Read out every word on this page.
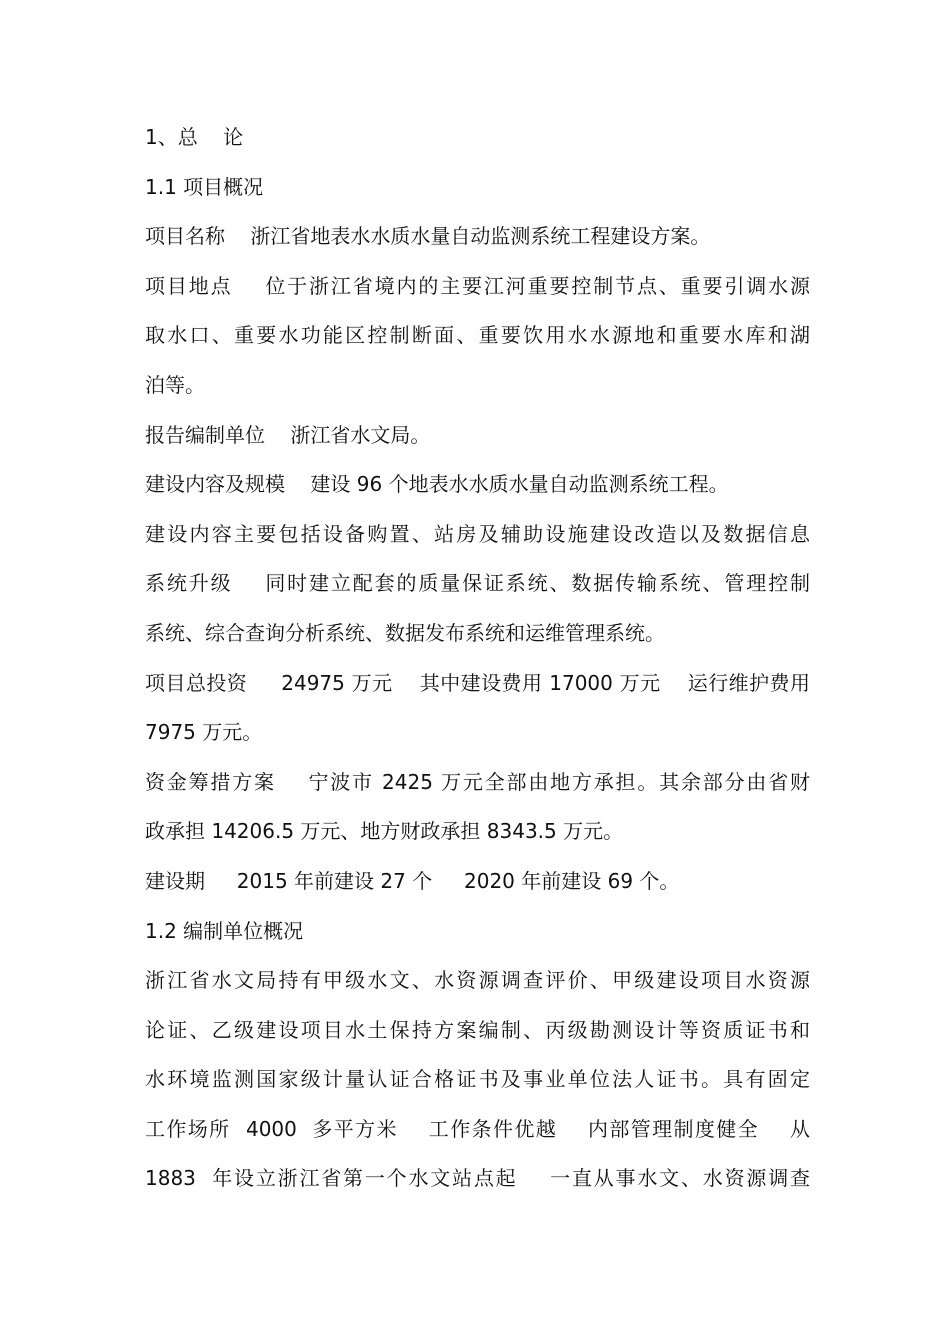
1、总    论
1.1 项目概况
项目名称    浙江省地表水水质水量自动监测系统工程建设方案。
项目地点    位于浙江省境内的主要江河重要控制节点、重要引调水源
取水口、重要水功能区控制断面、重要饮用水水源地和重要水库和湖
泊等。
报告编制单位    浙江省水文局。
建设内容及规模    建设 96 个地表水水质水量自动监测系统工程。
建设内容主要包括设备购置、站房及辅助设施建设改造以及数据信息
系统升级    同时建立配套的质量保证系统、数据传输系统、管理控制
系统、综合查询分析系统、数据发布系统和运维管理系统。
项目总投资     24975 万元    其中建设费用 17000 万元    运行维护费用
7975 万元。
资金筹措方案    宁波市 2425 万元全部由地方承担。其余部分由省财
政承担 14206.5 万元、地方财政承担 8343.5 万元。
建设期     2015 年前建设 27 个     2020 年前建设 69 个。
1.2 编制单位概况
浙江省水文局持有甲级水文、水资源调查评价、甲级建设项目水资源
论证、乙级建设项目水土保持方案编制、丙级勘测设计等资质证书和
水环境监测国家级计量认证合格证书及事业单位法人证书。具有固定
工作场所  4000  多平方米    工作条件优越    内部管理制度健全    从
1883  年设立浙江省第一个水文站点起    一直从事水文、水资源调查
